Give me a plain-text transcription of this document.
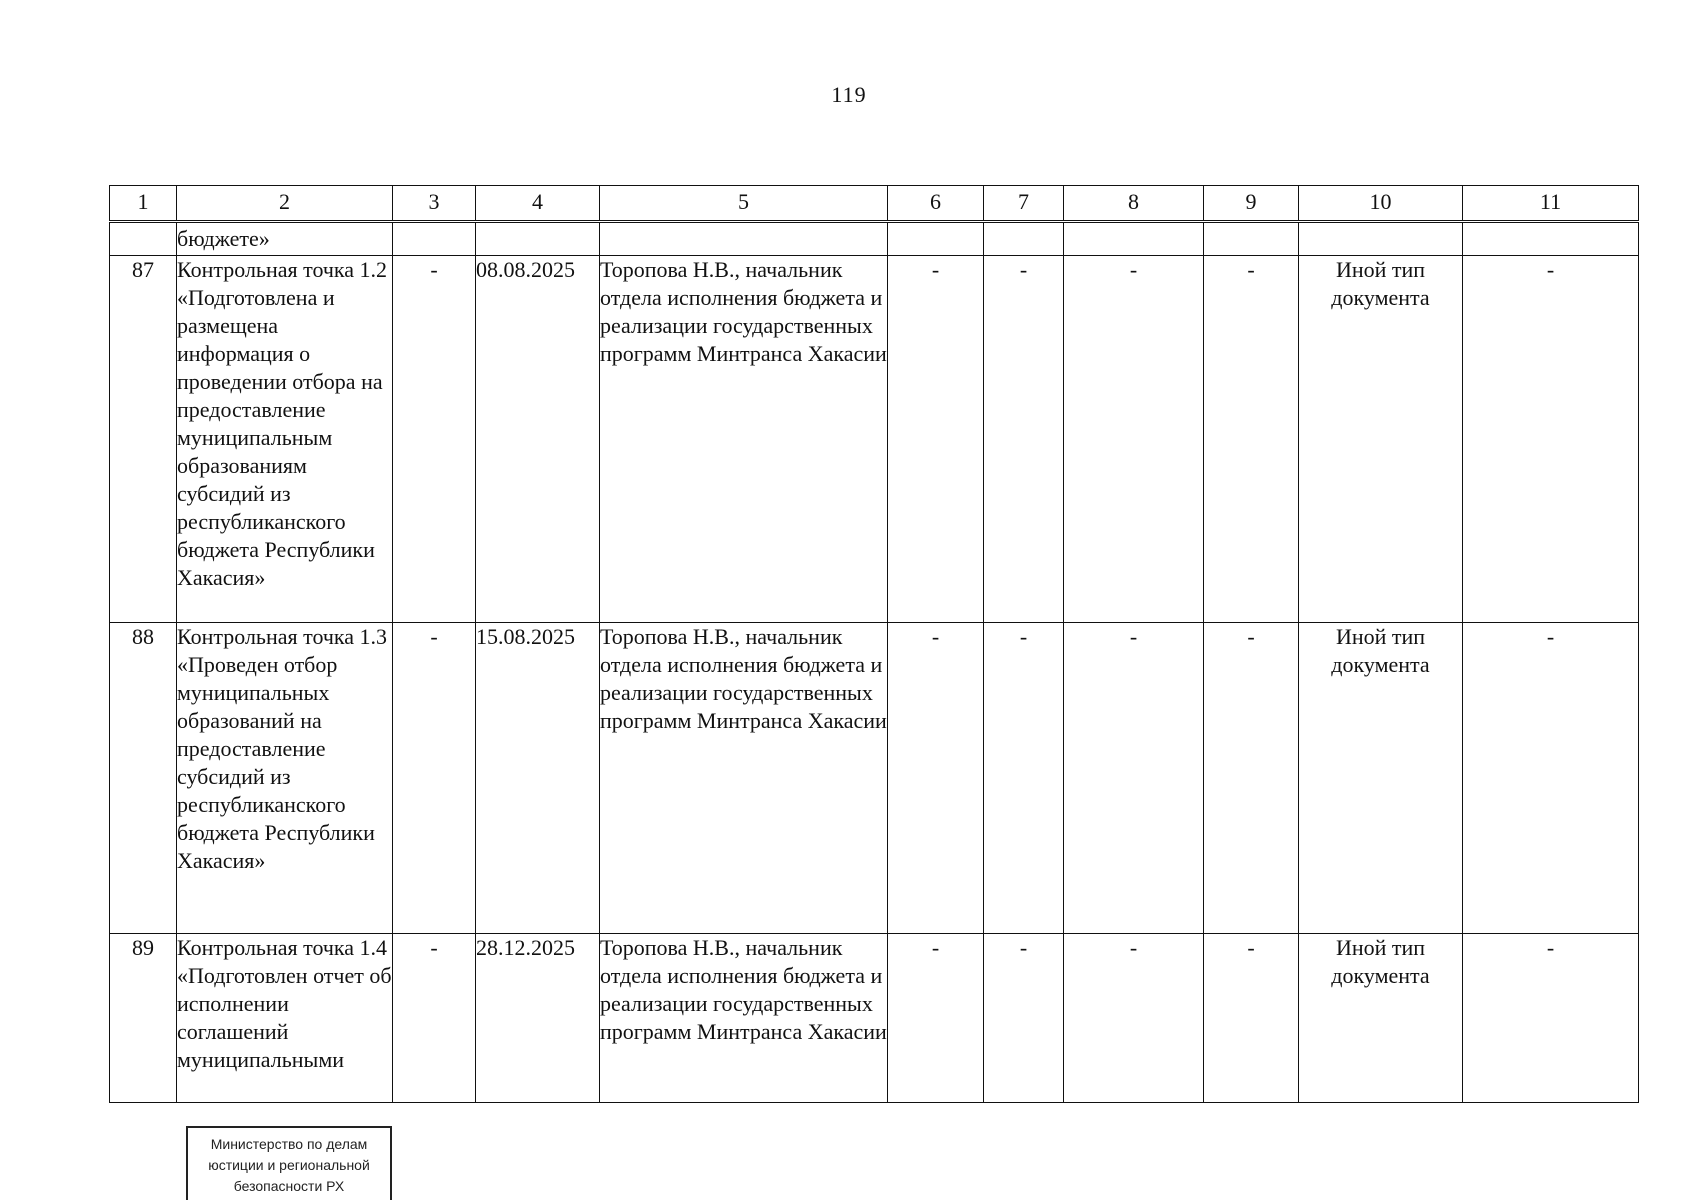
119
1	2	3	4	5	6	7	8	9	10	11
	бюджете»									
87	Контрольная точка 1.2 «Подготовлена и размещена информация о проведении отбора на предоставление муниципальным образованиям субсидий из республиканского бюджета Республики Хакасия»	-	08.08.2025	Торопова Н.В., начальник отдела исполнения бюджета и реализации государственных программ Минтранса Хакасии	-	-	-	-	Иной тип документа	-
88	Контрольная точка 1.3 «Проведен отбор муниципальных образований на предоставление субсидий из республиканского бюджета Республики Хакасия»	-	15.08.2025	Торопова Н.В., начальник отдела исполнения бюджета и реализации государственных программ Минтранса Хакасии	-	-	-	-	Иной тип документа	-
89	Контрольная точка 1.4 «Подготовлен отчет об исполнении соглашений муниципальными	-	28.12.2025	Торопова Н.В., начальник отдела исполнения бюджета и реализации государственных программ Минтранса Хакасии	-	-	-	-	Иной тип документа	-
Министерство по делам
юстиции и региональной
безопасности РХ
